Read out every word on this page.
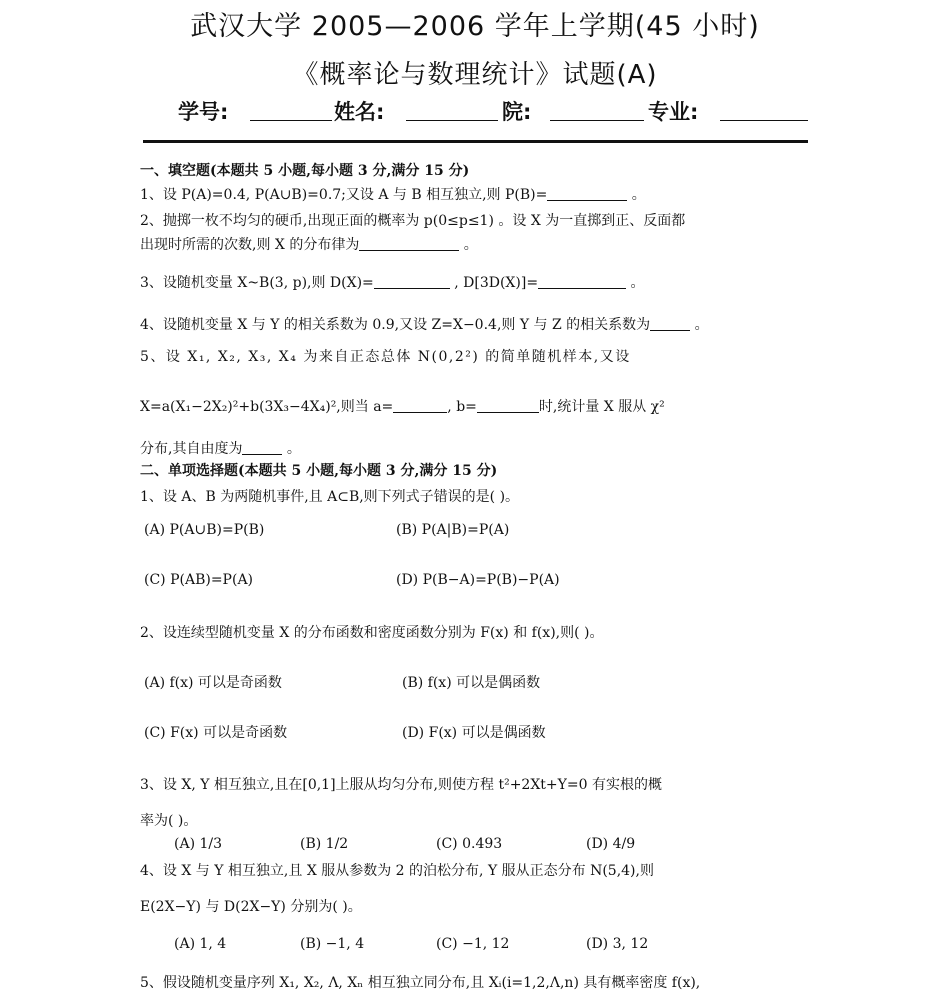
武汉大学 2005—2006 学年上学期(45 小时)
《概率论与数理统计》试题(A)
学号:	姓名:	院:	专业:
一、填空题(本题共 5 小题,每小题 3 分,满分 15 分)
1、设 P(A)=0.4, P(A∪B)=0.7;又设 A 与 B 相互独立,则 P(B)=	。
2、抛掷一枚不均匀的硬币,出现正面的概率为 p(0≤p≤1) 。设 X 为一直掷到正、反面都
出现时所需的次数,则 X 的分布律为	。
3、设随机变量 X~B(3, p),则 D(X)=	, D[3D(X)]=	。
4、设随机变量 X 与 Y 的相关系数为 0.9,又设 Z=X−0.4,则 Y 与 Z 的相关系数为	。
5、设 X₁, X₂, X₃, X₄ 为来自正态总体 N(0,2²) 的简单随机样本,又设
X=a(X₁−2X₂)²+b(3X₃−4X₄)²,则当 a=	, b=	时,统计量 X 服从 χ²
分布,其自由度为	。
二、单项选择题(本题共 5 小题,每小题 3 分,满分 15 分)
1、设 A、B 为两随机事件,且 A⊂B,则下列式子错误的是( )。
(A) P(A∪B)=P(B)	(B) P(A|B)=P(A)
(C) P(AB)=P(A)	(D) P(B−A)=P(B)−P(A)
2、设连续型随机变量 X 的分布函数和密度函数分别为 F(x) 和 f(x),则( )。
(A) f(x) 可以是奇函数	(B) f(x) 可以是偶函数
(C) F(x) 可以是奇函数	(D) F(x) 可以是偶函数
3、设 X, Y 相互独立,且在[0,1]上服从均匀分布,则使方程 t²+2Xt+Y=0 有实根的概
率为( )。
(A) 1/3	(B) 1/2	(C) 0.493	(D) 4/9
4、设 X 与 Y 相互独立,且 X 服从参数为 2 的泊松分布, Y 服从正态分布 N(5,4),则
E(2X−Y) 与 D(2X−Y) 分别为( )。
(A) 1, 4	(B) −1, 4	(C) −1, 12	(D) 3, 12
5、假设随机变量序列 X₁, X₂, Λ, Xₙ 相互独立同分布,且 Xᵢ(i=1,2,Λ,n) 具有概率密度 f(x),
